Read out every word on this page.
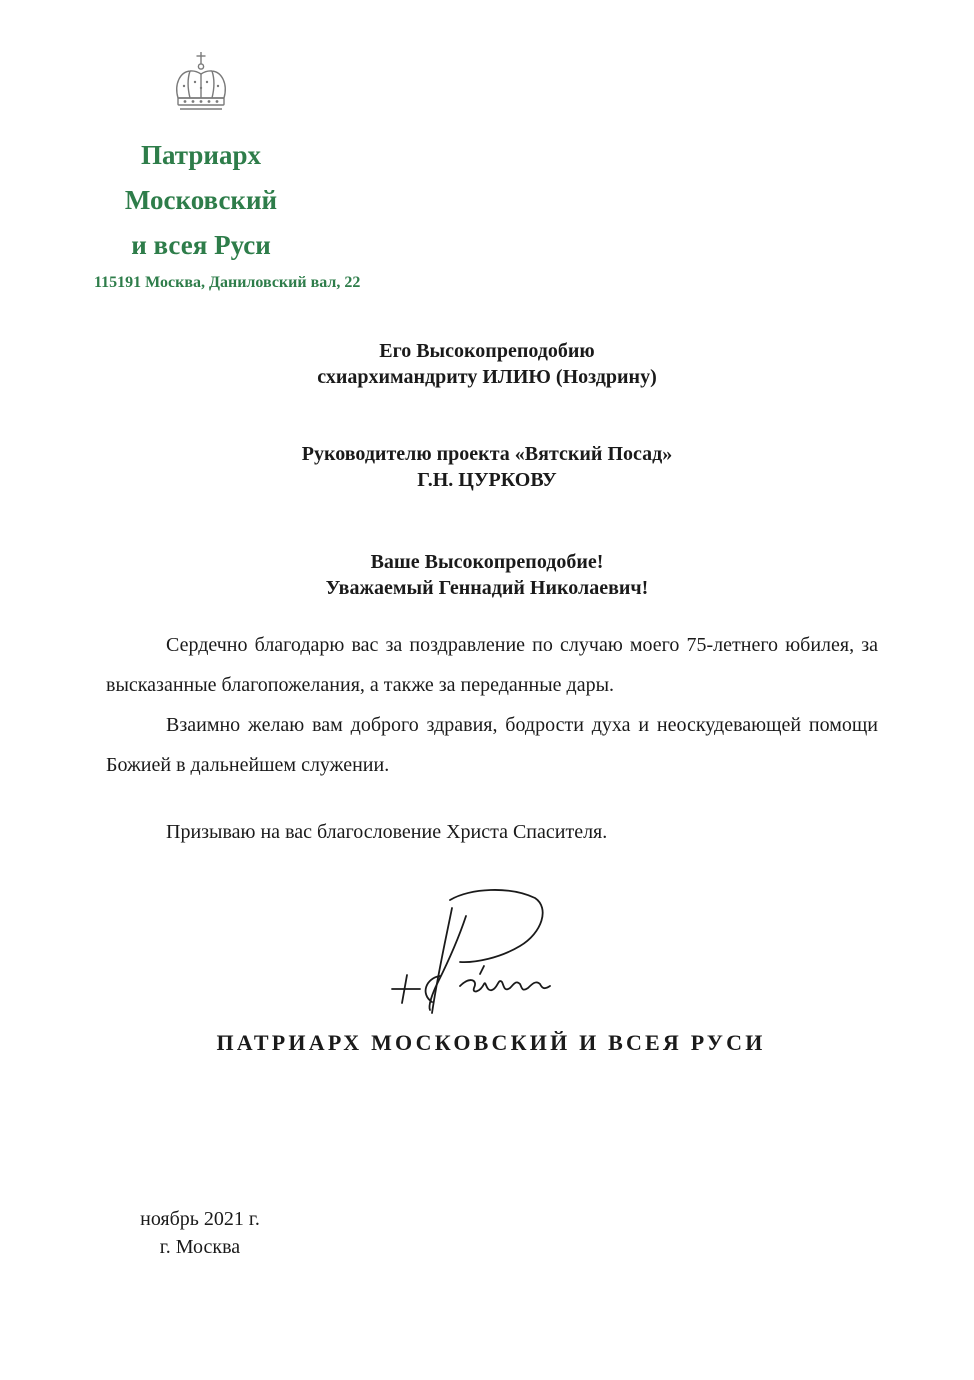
Патриарх
Московский
и всея Руси
115191 Москва, Даниловский вал, 22
Его Высокопреподобию
схиархимандриту ИЛИЮ (Ноздрину)
Руководителю проекта «Вятский Посад»
Г.Н. ЦУРКОВУ
Ваше Высокопреподобие!
Уважаемый Геннадий Николаевич!
Сердечно благодарю вас за поздравление по случаю моего 75-летнего юбилея, за высказанные благопожелания, а также за переданные дары.
Взаимно желаю вам доброго здравия, бодрости духа и неоскудевающей помощи Божией в дальнейшем служении.
Призываю на вас благословение Христа Спасителя.
ПАТРИАРХ МОСКОВСКИЙ И ВСЕЯ РУСИ
ноябрь 2021 г.
г. Москва
